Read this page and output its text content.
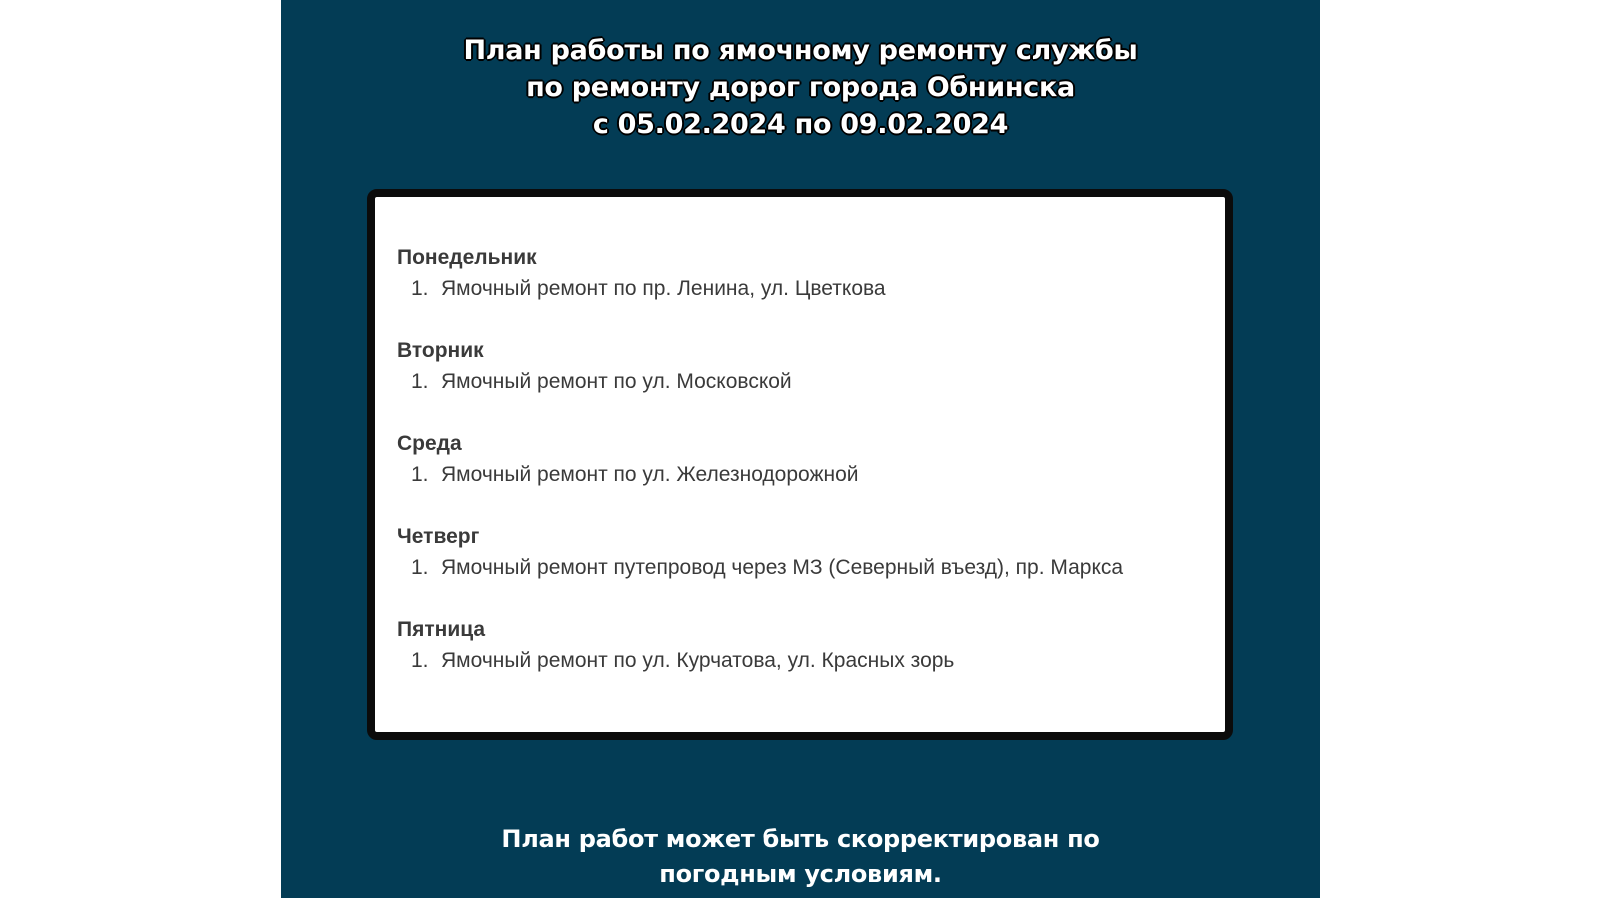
План работы по ямочному ремонту службы
по ремонту дорог города Обнинска
с 05.02.2024 по 09.02.2024

Понедельник

1. Ямочный ремонт по пр. Ленина, ул. Цветкова

Вторник

1. Ямочный ремонт по ул. Московской

Среда

1. Ямочный ремонт по ул. Железнодорожной

Четверг

1. Ямочный ремонт путепровод через МЗ (Северный въезд), пр. Маркса

Пятница

1. Ямочный ремонт по ул. Курчатова, ул. Красных зорь

План работ может быть скорректирован по
погодным условиям.
